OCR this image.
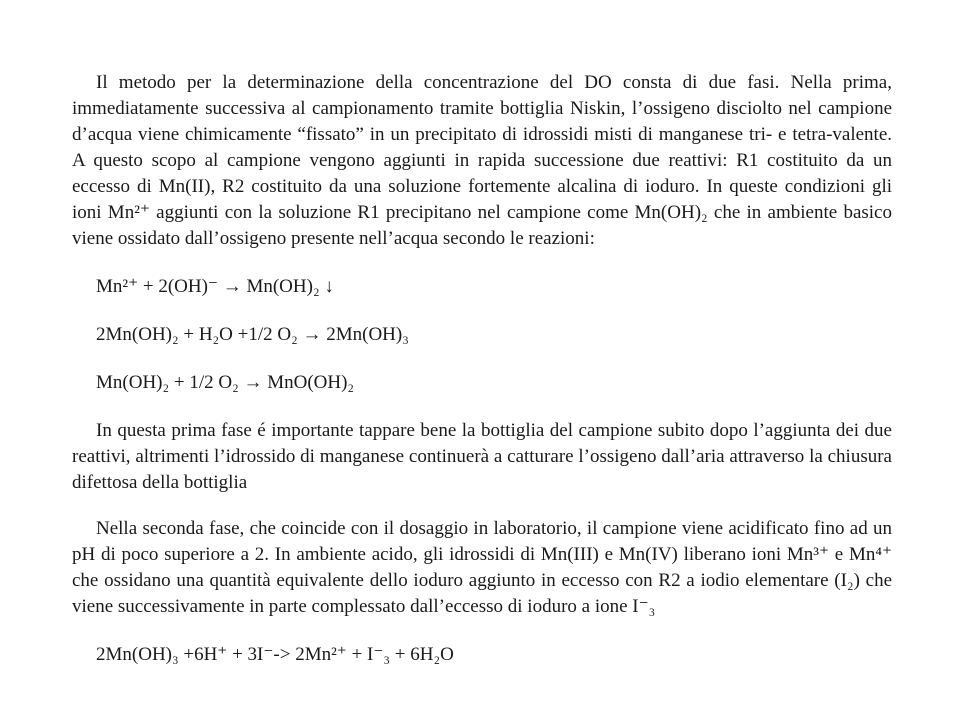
Il metodo per la determinazione della concentrazione del DO consta di due fasi. Nella prima, immediatamente successiva al campionamento tramite bottiglia Niskin, l’ossigeno disciolto nel campione d’acqua viene chimicamente “fissato” in un precipitato di idrossidi misti di manganese tri- e tetra-valente. A questo scopo al campione vengono aggiunti in rapida successione due reattivi: R1 costituito da un eccesso di Mn(II), R2 costituito da una soluzione fortemente alcalina di ioduro. In queste condizioni gli ioni Mn²⁺ aggiunti con la soluzione R1 precipitano nel campione come Mn(OH)₂ che in ambiente basico viene ossidato dall’ossigeno presente nell’acqua secondo le reazioni:

Mn²⁺ + 2(OH)⁻ → Mn(OH)₂ ↓

2Mn(OH)₂ + H₂O +1/2 O₂ → 2Mn(OH)₃

Mn(OH)₂ + 1/2 O₂ → MnO(OH)₂

In questa prima fase é importante tappare bene la bottiglia del campione subito dopo l’aggiunta dei due reattivi, altrimenti l’idrossido di manganese continuerà a catturare l’ossigeno dall’aria attraverso la chiusura difettosa della bottiglia

Nella seconda fase, che coincide con il dosaggio in laboratorio, il campione viene acidificato fino ad un pH di poco superiore a 2. In ambiente acido, gli idrossidi di Mn(III) e Mn(IV) liberano ioni Mn³⁺ e Mn⁴⁺ che ossidano una quantità equivalente dello ioduro aggiunto in eccesso con R2 a iodio elementare (I₂) che viene successivamente in parte complessato dall’eccesso di ioduro a ione I⁻₃

2Mn(OH)₃ +6H⁺ + 3I⁻-> 2Mn²⁺ + I⁻₃ + 6H₂O
